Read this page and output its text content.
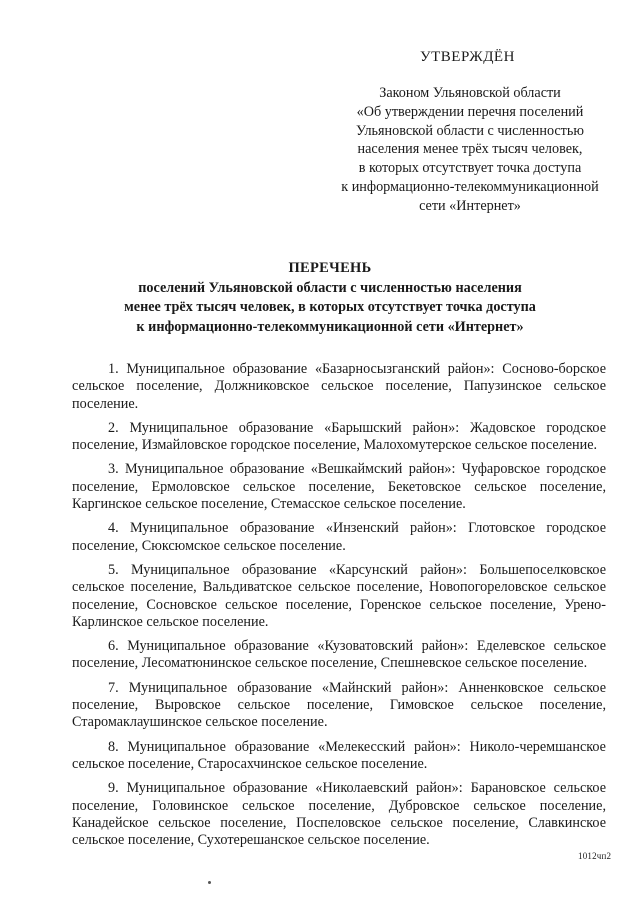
УТВЕРЖДЁН
Законом Ульяновской области
«Об утверждении перечня поселений
Ульяновской области с численностью
населения менее трёх тысяч человек,
в которых отсутствует точка доступа
к информационно-телекоммуникационной
сети «Интернет»
ПЕРЕЧЕНЬ
поселений Ульяновской области с численностью населения
менее трёх тысяч человек, в которых отсутствует точка доступа
к информационно-телекоммуникационной сети «Интернет»

1. Муниципальное образование «Базарносызганский район»: Сосново-борское сельское поселение, Должниковское сельское поселение, Папузинское сельское поселение.

2. Муниципальное образование «Барышский район»: Жадовское городское поселение, Измайловское городское поселение, Малохомутерское сельское поселение.

3. Муниципальное образование «Вешкаймский район»: Чуфаровское городское поселение, Ермоловское сельское поселение, Бекетовское сельское поселение, Каргинское сельское поселение, Стемасское сельское поселение.

4. Муниципальное образование «Инзенский район»: Глотовское городское поселение, Сюксюмское сельское поселение.

5. Муниципальное образование «Карсунский район»: Большепоселковское сельское поселение, Вальдиватское сельское поселение, Новопогореловское сельское поселение, Сосновское сельское поселение, Горенское сельское поселение, Урено-Карлинское сельское поселение.

6. Муниципальное образование «Кузоватовский район»: Еделевское сельское поселение, Лесоматюнинское сельское поселение, Спешневское сельское поселение.

7. Муниципальное образование «Майнский район»: Анненковское сельское поселение, Выровское сельское поселение, Гимовское сельское поселение, Старомаклаушинское сельское поселение.

8. Муниципальное образование «Мелекесский район»: Николо-черемшанское сельское поселение, Старосахчинское сельское поселение.

9. Муниципальное образование «Николаевский район»: Барановское сельское поселение, Головинское сельское поселение, Дубровское сельское поселение, Канадейское сельское поселение, Поспеловское сельское поселение, Славкинское сельское поселение, Сухотерешанское сельское поселение.

1012чп2
